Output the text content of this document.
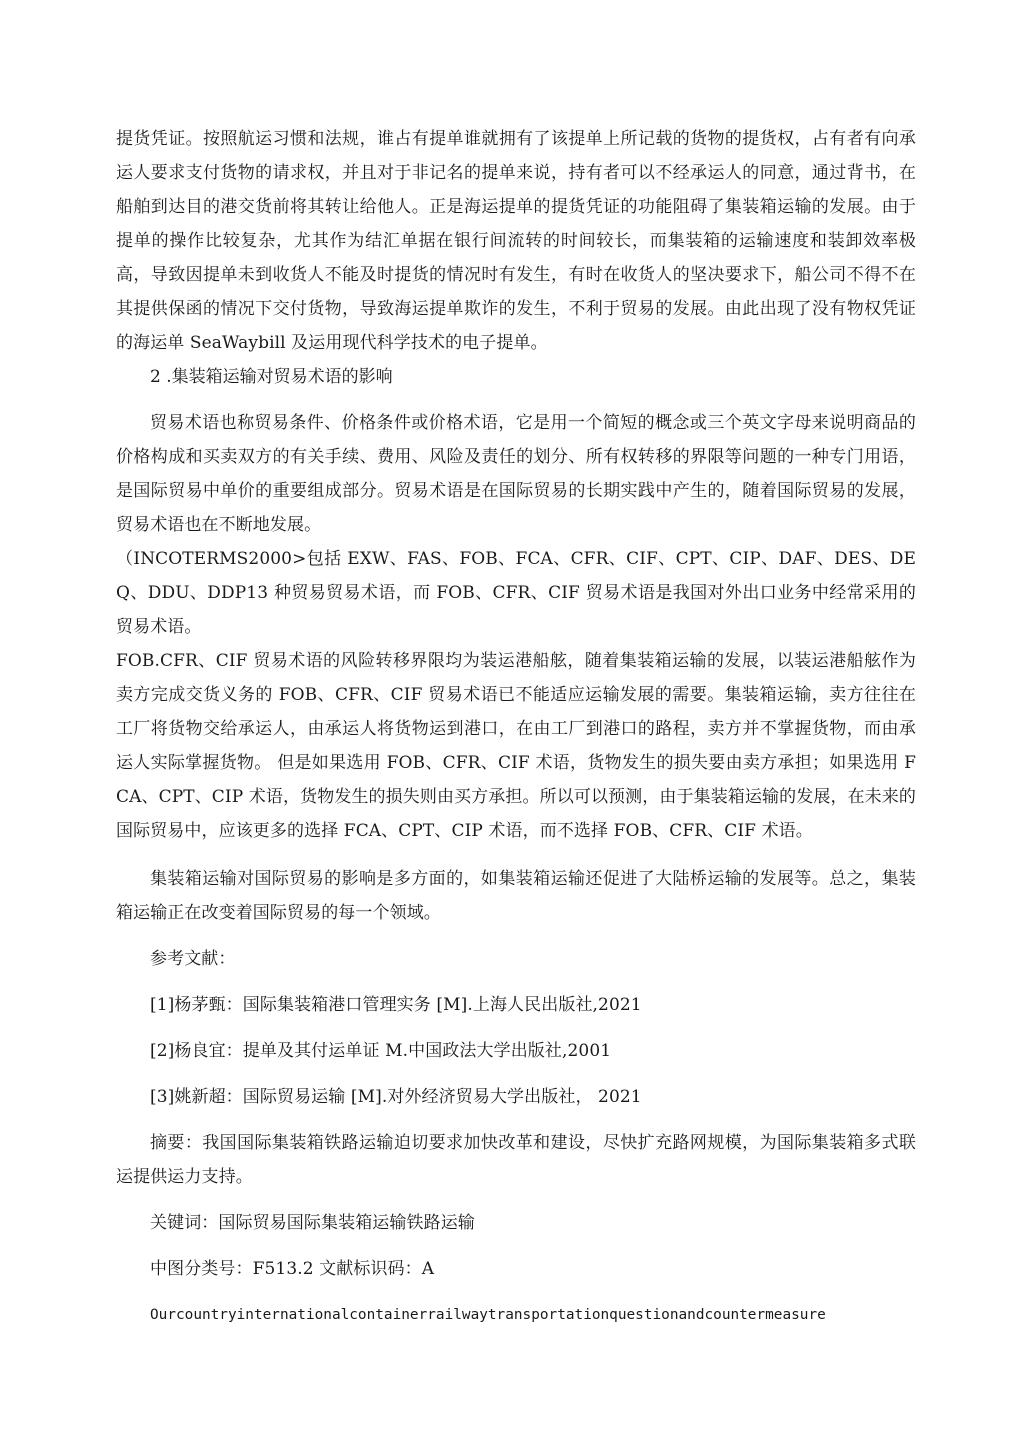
提货凭证。按照航运习惯和法规，谁占有提单谁就拥有了该提单上所记载的货物的提货权，占有者有向承运人要求支付货物的请求权，并且对于非记名的提单来说，持有者可以不经承运人的同意，通过背书，在船舶到达目的港交货前将其转让给他人。正是海运提单的提货凭证的功能阻碍了集装箱运输的发展。由于提单的操作比较复杂，尤其作为结汇单据在银行间流转的时间较长，而集装箱的运输速度和装卸效率极高，导致因提单未到收货人不能及时提货的情况时有发生，有时在收货人的坚决要求下，船公司不得不在其提供保函的情况下交付货物，导致海运提单欺诈的发生，不利于贸易的发展。由此出现了没有物权凭证的海运单 SeaWaybill 及运用现代科学技术的电子提单。

2 .集装箱运输对贸易术语的影响

贸易术语也称贸易条件、价格条件或价格术语，它是用一个简短的概念或三个英文字母来说明商品的价格构成和买卖双方的有关手续、费用、风险及责任的划分、所有权转移的界限等问题的一种专门用语，是国际贸易中单价的重要组成部分。贸易术语是在国际贸易的长期实践中产生的，随着国际贸易的发展，贸易术语也在不断地发展。

（INCOTERMS2000>包括 EXW、FAS、FOB、FCA、CFR、CIF、CPT、CIP、DAF、DES、DEQ、DDU、DDP13 种贸易贸易术语，而 FOB、CFR、CIF 贸易术语是我国对外出口业务中经常采用的贸易术语。

FOB.CFR、CIF 贸易术语的风险转移界限均为装运港船舷，随着集装箱运输的发展，以装运港船舷作为卖方完成交货义务的 FOB、CFR、CIF 贸易术语已不能适应运输发展的需要。集装箱运输，卖方往往在工厂将货物交给承运人，由承运人将货物运到港口，在由工厂到港口的路程，卖方并不掌握货物，而由承运人实际掌握货物。 但是如果选用 FOB、CFR、CIF 术语，货物发生的损失要由卖方承担；如果选用 FCA、CPT、CIP 术语，货物发生的损失则由买方承担。所以可以预测，由于集装箱运输的发展，在未来的国际贸易中，应该更多的选择 FCA、CPT、CIP 术语，而不选择 FOB、CFR、CIF 术语。

集装箱运输对国际贸易的影响是多方面的，如集装箱运输还促进了大陆桥运输的发展等。总之，集装箱运输正在改变着国际贸易的每一个领域。

参考文献：

[1]杨茅甄：国际集装箱港口管理实务 [M].上海人民出版社,2021

[2]杨良宜：提单及其付运单证 M.中国政法大学出版社,2001

[3]姚新超：国际贸易运输 [M].对外经济贸易大学出版社， 2021

摘要：我国国际集装箱铁路运输迫切要求加快改革和建设，尽快扩充路网规模，为国际集装箱多式联运提供运力支持。

关键词：国际贸易国际集装箱运输铁路运输

中图分类号：F513.2 文献标识码：A

Ourcountryinternationalcontainerrailwaytransportationquestionandcountermeasure
